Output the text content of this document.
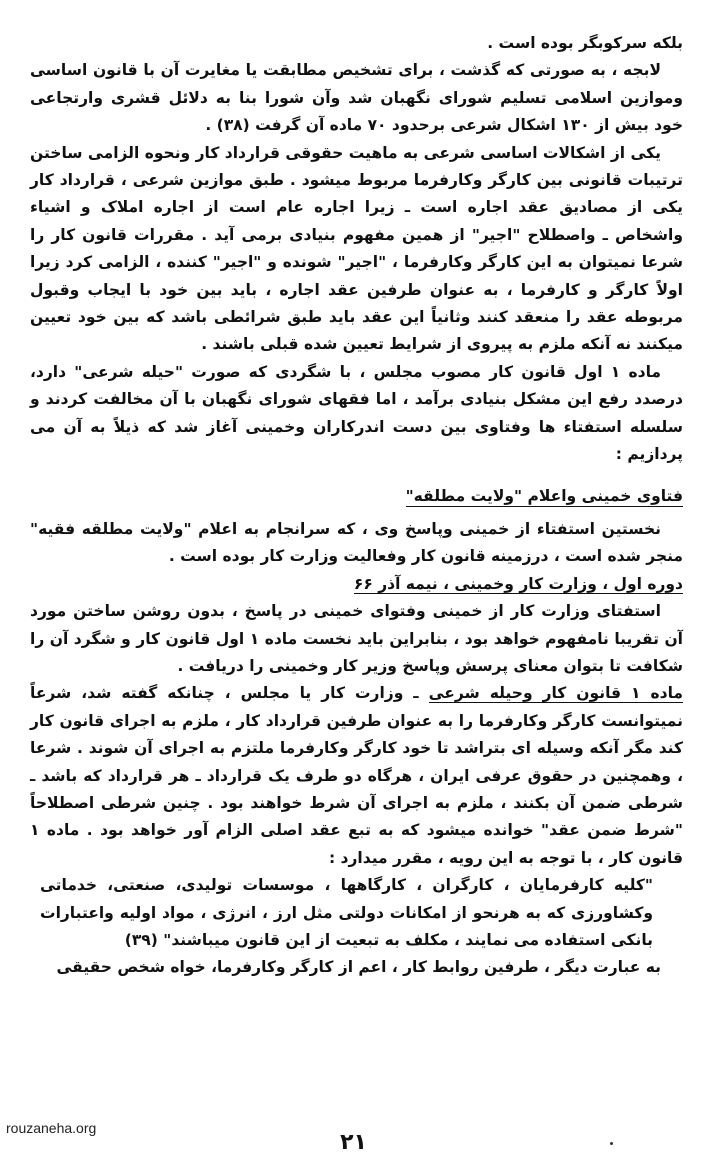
بلکه سرکوبگر بوده است .

لابجه ، به صورتی که گذشت ، برای تشخیص مطابقت یا مغایرت آن با قانون اساسی وموازین اسلامی تسلیم شورای نگهبان شد وآن شورا بنا به دلائل قشری وارتجاعی خود بیش از ۱۳۰ اشکال شرعی برحدود ۷۰ ماده آن گرفت (۳۸) .

یکی از اشکالات اساسی شرعی به ماهیت حقوقی قرارداد کار ونحوه الزامی ساختن ترتیبات قانونی بین کارگر وکارفرما مربوط میشود . طبق موازین شرعی ، قرارداد کار یکی از مصادیق عقد اجاره است ـ زیرا اجاره عام است از اجاره املاک و اشیاء واشخاص ـ واصطلاح "اجیر" از همین مفهوم بنیادی برمی آید . مقررات قانون کار را شرعا نمیتوان به این کارگر وکارفرما ، "اجیر" شونده و "اجیر" کننده ، الزامی کرد زیرا اولاً کارگر و کارفرما ، به عنوان طرفین عقد اجاره ، باید بین خود با ایجاب وقبول مربوطه عقد را منعقد کنند وثانیاً این عقد باید طبق شرائطی باشد که بین خود تعیین میکنند نه آنکه ملزم به پیروی از شرایط تعیین شده قبلی باشند .

ماده ۱ اول قانون کار مصوب مجلس ، با شگردی که صورت "حیله شرعی" دارد، درصدد رفع این مشکل بنیادی برآمد ، اما فقهای شورای نگهبان با آن مخالفت کردند و سلسله استفتاء ها وفتاوی بین دست اندرکاران وخمینی آغاز شد که ذیلاً به آن می پردازیم :

فتاوی خمینی واعلام "ولایت مطلقه"

نخستین استفتاء از خمینی وپاسخ وی ، که سرانجام به اعلام "ولایت مطلقه فقیه" منجر شده است ، درزمینه قانون کار وفعالیت وزارت کار بوده است .

دوره اول ، وزارت کار وخمینی ، نیمه آذر ۶۶

استفتای وزارت کار از خمینی وفتوای خمینی در پاسخ ، بدون روشن ساختن مورد آن تقریبا نامفهوم خواهد بود ، بنابراین باید نخست ماده ۱ اول قانون کار و شگرد آن را شکافت تا بتوان معنای پرسش وپاسخ وزیر کار وخمینی را دریافت .

ماده ۱ قانون کار وحیله شرعی ـ وزارت کار یا مجلس ، چنانکه گفته شد، شرعاً نمیتوانست کارگر وکارفرما را به عنوان طرفین قرارداد کار ، ملزم به اجرای قانون کار کند مگر آنکه وسیله ای بتراشد تا خود کارگر وکارفرما ملتزم به اجرای آن شوند . شرعا ، وهمچنین در حقوق عرفی ایران ، هرگاه دو طرف یک قرارداد ـ هر قرارداد که باشد ـ شرطی ضمن آن بکنند ، ملزم به اجرای آن شرط خواهند بود . چنین شرطی اصطلاحاً "شرط ضمن عقد" خوانده میشود که به تبع عقد اصلی الزام آور خواهد بود . ماده ۱ قانون کار ، با توجه به این رویه ، مقرر میدارد :

"کلیه کارفرمایان ، کارگران ، کارگاهها ، موسسات تولیدی، صنعتی، خدماتی وکشاورزی که به هرنحو از امکانات دولتی مثل ارز ، انرژی ، مواد اولیه واعتبارات بانکی استفاده می نمایند ، مکلف به تبعیت از این قانون میباشند" (۳۹)

به عبارت دیگر ، طرفین روابط کار ، اعم از کارگر وکارفرما، خواه شخص حقیقی

rouzaneha.org
۲۱
